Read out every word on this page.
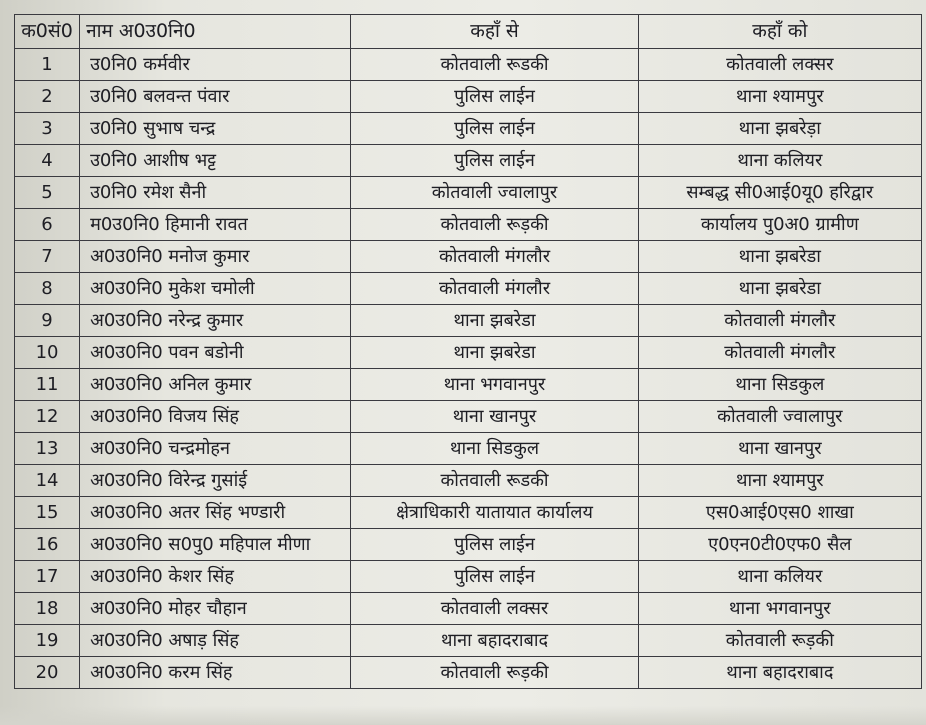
क0सं0	नाम अ0उ0नि0	कहाँ से	कहाँ को
1	उ0नि0 कर्मवीर	कोतवाली रूडकी	कोतवाली लक्सर
2	उ0नि0 बलवन्त पंवार	पुलिस लाईन	थाना श्यामपुर
3	उ0नि0 सुभाष चन्द्र	पुलिस लाईन	थाना झबरेड़ा
4	उ0नि0 आशीष भट्ट	पुलिस लाईन	थाना कलियर
5	उ0नि0 रमेश सैनी	कोतवाली ज्वालापुर	सम्बद्ध सी0आई0यू0 हरिद्वार
6	म0उ0नि0 हिमानी रावत	कोतवाली रूड़की	कार्यालय पु0अ0 ग्रामीण
7	अ0उ0नि0 मनोज कुमार	कोतवाली मंगलौर	थाना झबरेडा
8	अ0उ0नि0 मुकेश चमोली	कोतवाली मंगलौर	थाना झबरेडा
9	अ0उ0नि0 नरेन्द्र कुमार	थाना झबरेडा	कोतवाली मंगलौर
10	अ0उ0नि0 पवन बडोनी	थाना झबरेडा	कोतवाली मंगलौर
11	अ0उ0नि0 अनिल कुमार	थाना भगवानपुर	थाना सिडकुल
12	अ0उ0नि0 विजय सिंह	थाना खानपुर	कोतवाली ज्वालापुर
13	अ0उ0नि0 चन्द्रमोहन	थाना सिडकुल	थाना खानपुर
14	अ0उ0नि0 विरेन्द्र गुसांई	कोतवाली रूडकी	थाना श्यामपुर
15	अ0उ0नि0 अतर सिंह भण्डारी	क्षेत्राधिकारी यातायात कार्यालय	एस0आई0एस0 शाखा
16	अ0उ0नि0 स0पु0 महिपाल मीणा	पुलिस लाईन	ए0एन0टी0एफ0 सैल
17	अ0उ0नि0 केशर सिंह	पुलिस लाईन	थाना कलियर
18	अ0उ0नि0 मोहर चौहान	कोतवाली लक्सर	थाना भगवानपुर
19	अ0उ0नि0 अषाड़ सिंह	थाना बहादराबाद	कोतवाली रूड़की
20	अ0उ0नि0 करम सिंह	कोतवाली रूड़की	थाना बहादराबाद
